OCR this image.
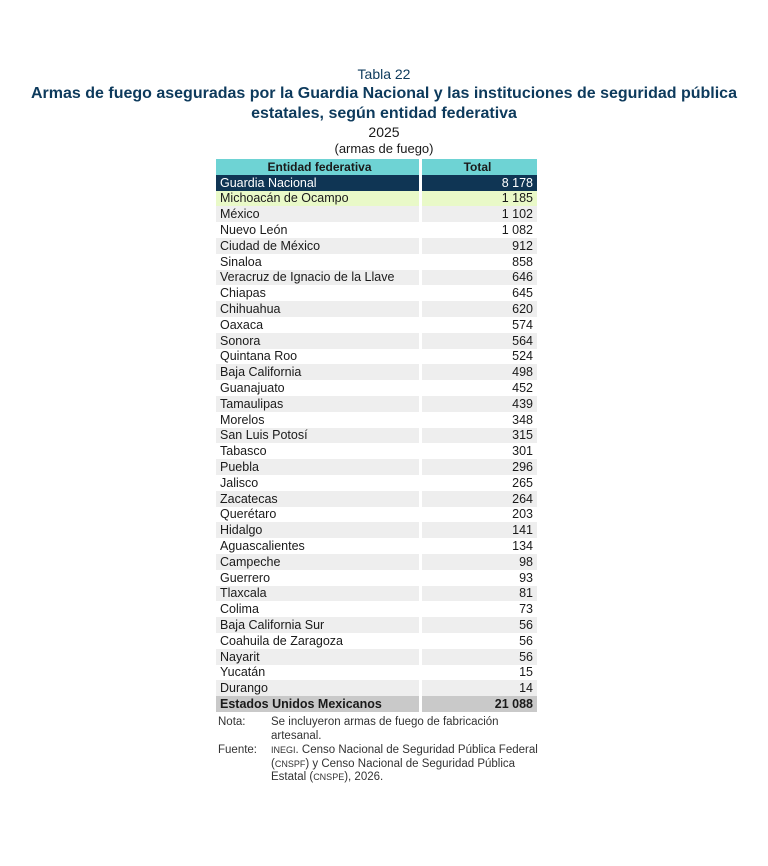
Tabla 22
Armas de fuego aseguradas por la Guardia Nacional y las instituciones de seguridad pública
estatales, según entidad federativa
2025
(armas de fuego)
Entidad federativa	Total
Guardia Nacional	8 178
Michoacán de Ocampo	1 185
México	1 102
Nuevo León	1 082
Ciudad de México	912
Sinaloa	858
Veracruz de Ignacio de la Llave	646
Chiapas	645
Chihuahua	620
Oaxaca	574
Sonora	564
Quintana Roo	524
Baja California	498
Guanajuato	452
Tamaulipas	439
Morelos	348
San Luis Potosí	315
Tabasco	301
Puebla	296
Jalisco	265
Zacatecas	264
Querétaro	203
Hidalgo	141
Aguascalientes	134
Campeche	98
Guerrero	93
Tlaxcala	81
Colima	73
Baja California Sur	56
Coahuila de Zaragoza	56
Nayarit	56
Yucatán	15
Durango	14
Estados Unidos Mexicanos	21 088
Nota:	Se incluyeron armas de fuego de fabricación artesanal.
Fuente:	INEGI. Censo Nacional de Seguridad Pública Federal (CNSPF) y Censo Nacional de Seguridad Pública Estatal (CNSPE), 2026.
